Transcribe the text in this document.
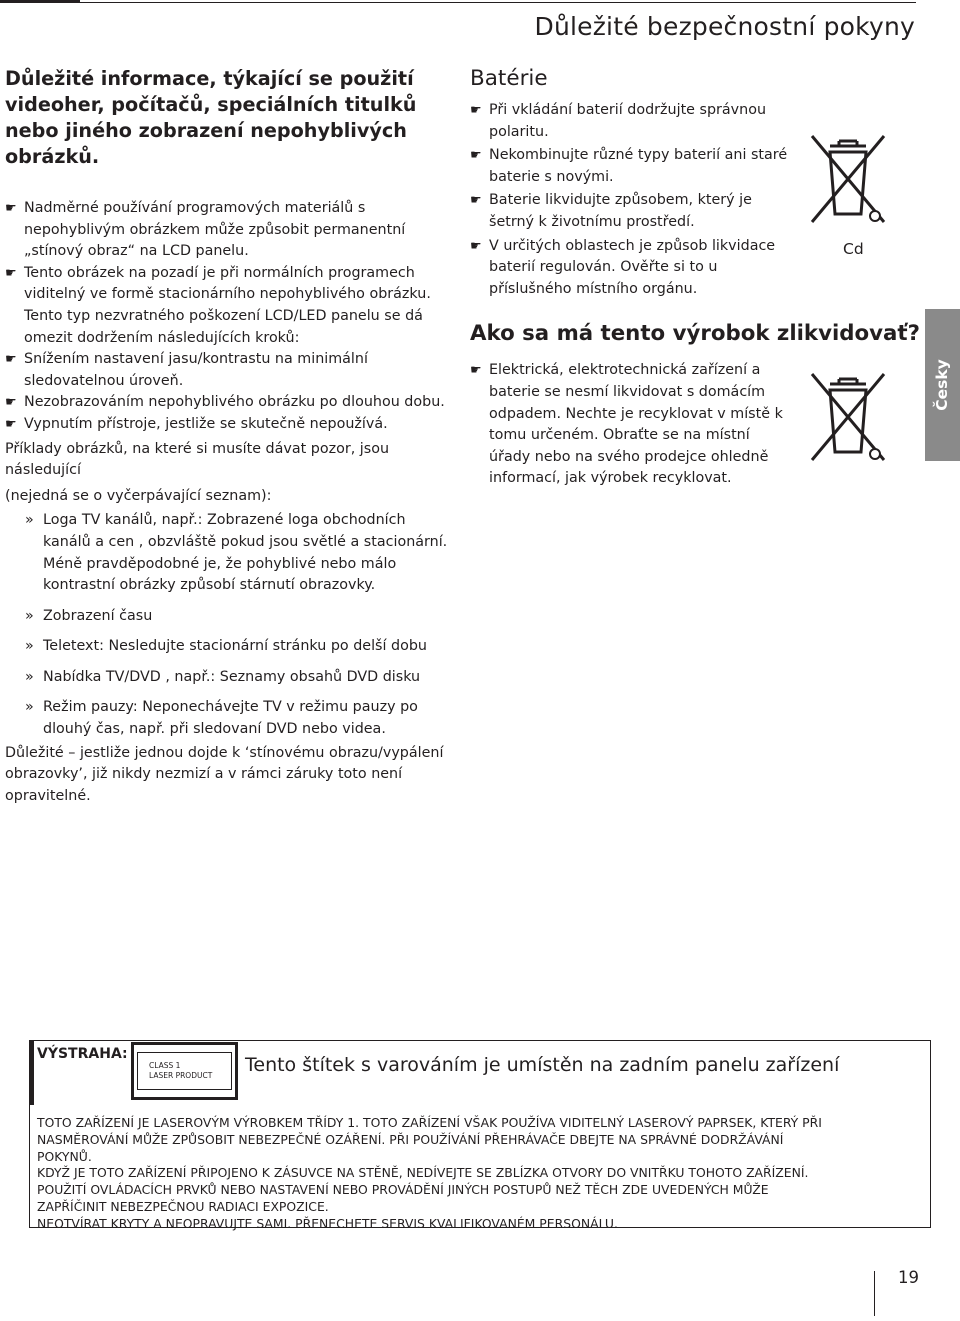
Důležité bezpečnostní pokyny
Důležité informace, týkající se použití videoher, počítačů, speciálních titulků nebo jiného zobrazení nepohyblivých obrázků.
☛ Nadměrné používání programových materiálů s nepohyblivým obrázkem může způsobit permanentní „stínový obraz“ na LCD panelu.
☛ Tento obrázek na pozadí je při normálních programech viditelný ve formě stacionárního nepohyblivého obrázku. Tento typ nezvratného poškození LCD/LED panelu se dá omezit dodržením následujících kroků:
☛ Snížením nastavení jasu/kontrastu na minimální sledovatelnou úroveň.
☛ Nezobrazováním nepohyblivého obrázku po dlouhou dobu.
☛ Vypnutím přístroje, jestliže se skutečně nepoužívá.
Příklady obrázků, na které si musíte dávat pozor, jsou následující
(nejedná se o vyčerpávající seznam):
» Loga TV kanálů, např.: Zobrazené loga obchodních kanálů a cen , obzvláště pokud jsou světlé a stacionární. Méně pravděpodobné je, že pohyblivé nebo málo kontrastní obrázky způsobí stárnutí obrazovky.
» Zobrazení času
» Teletext: Nesledujte stacionární stránku po delší dobu
» Nabídka TV/DVD , např.: Seznamy obsahů DVD disku
» Režim pauzy: Neponechávejte TV v režimu pauzy po dlouhý čas, např. při sledovaní DVD nebo videa.
Důležité – jestliže jednou dojde k ‘stínovému obrazu/vypálení obrazovky’, již nikdy nezmizí a v rámci záruky toto není opravitelné.
Batérie
☛ Při vkládání baterií dodržujte správnou polaritu.
☛ Nekombinujte různé typy baterií ani staré baterie s novými.
☛ Baterie likvidujte způsobem, který je šetrný k životnímu prostředí.
☛ V určitých oblastech je způsob likvidace baterií regulován. Ověřte si to u příslušného místního orgánu.
Ako sa má tento výrobok zlikvidovať?
☛ Elektrická, elektrotechnická zařízení a baterie se nesmí likvidovat s domácím odpadem. Nechte je recyklovat v místě k tomu určeném. Obraťte se na místní úřady nebo na svého prodejce ohledně informací, jak výrobek recyklovat.
Cd
Česky
VÝSTRAHA:
CLASS 1
LASER PRODUCT	Tento štítek s varováním je umístěn na zadním panelu zařízení
TOTO ZAŘÍZENÍ JE LASEROVÝM VÝROBKEM TŘÍDY 1. TOTO ZAŘÍZENÍ VŠAK POUŽÍVA VIDITELNÝ LASEROVÝ PAPRSEK, KTERÝ PŘI
NASMĚROVÁNÍ MŮŽE ZPŮSOBIT NEBEZPEČNÉ OZÁŘENÍ. PŘI POUŽÍVÁNÍ PŘEHRÁVAČE DBEJTE NA SPRÁVNÉ DODRŽÁVÁNÍ POKYNŮ.
KDYŽ JE TOTO ZAŘÍZENÍ PŘIPOJENO K ZÁSUVCE NA STĚNĚ, NEDÍVEJTE SE ZBLÍZKA OTVORY DO VNITŘKU TOHOTO ZAŘÍZENÍ.
POUŽITÍ OVLÁDACÍCH PRVKŮ NEBO NASTAVENÍ NEBO PROVÁDĚNÍ JINÝCH POSTUPŮ NEŽ TĚCH ZDE UVEDENÝCH MŮŽE
ZAPŘÍČINIT NEBEZPEČNOU RADIACI EXPOZICE.
NEOTVÍRAT KRYTY A NEOPRAVUJTE SAMI. PŘENECHETE SERVIS KVALIFIKOVANÉM PERSONÁLU.
19
